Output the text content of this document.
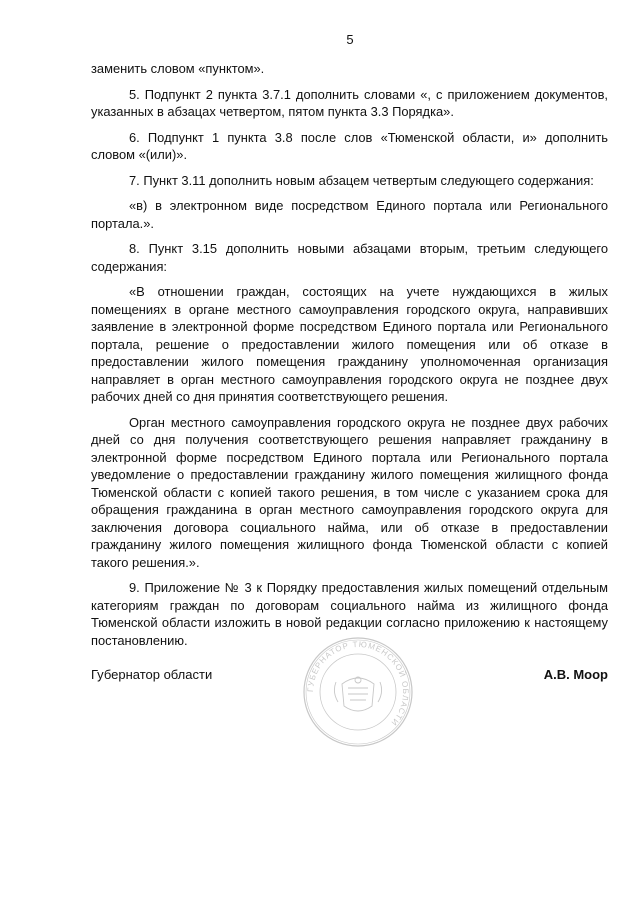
5

заменить словом «пунктом».

5. Подпункт 2 пункта 3.7.1 дополнить словами «, с приложением документов, указанных в абзацах четвертом, пятом пункта 3.3 Порядка».

6. Подпункт 1 пункта 3.8 после слов «Тюменской области, и» дополнить словом «(или)».

7. Пункт 3.11 дополнить новым абзацем четвертым следующего содержания:

«в) в электронном виде посредством Единого портала или Регионального портала.».

8. Пункт 3.15 дополнить новыми абзацами вторым, третьим следующего содержания:

«В отношении граждан, состоящих на учете нуждающихся в жилых помещениях в органе местного самоуправления городского округа, направивших заявление в электронной форме посредством Единого портала или Регионального портала, решение о предоставлении жилого помещения или об отказе в предоставлении жилого помещения гражданину уполномоченная организация направляет в орган местного самоуправления городского округа не позднее двух рабочих дней со дня принятия соответствующего решения.

Орган местного самоуправления городского округа не позднее двух рабочих дней со дня получения соответствующего решения направляет гражданину в электронной форме посредством Единого портала или Регионального портала уведомление о предоставлении гражданину жилого помещения жилищного фонда Тюменской области с копией такого решения, в том числе с указанием срока для обращения гражданина в орган местного самоуправления городского округа для заключения договора социального найма, или об отказе в предоставлении гражданину жилого помещения жилищного фонда Тюменской области с копией такого решения.».

9. Приложение № 3 к Порядку предоставления жилых помещений отдельным категориям граждан по договорам социального найма из жилищного фонда Тюменской области изложить в новой редакции согласно приложению к настоящему постановлению.

ГУБЕРНАТОР ТЮМЕНСКОЙ ОБЛАСТИ
Губернатор области	А.В. Моор
